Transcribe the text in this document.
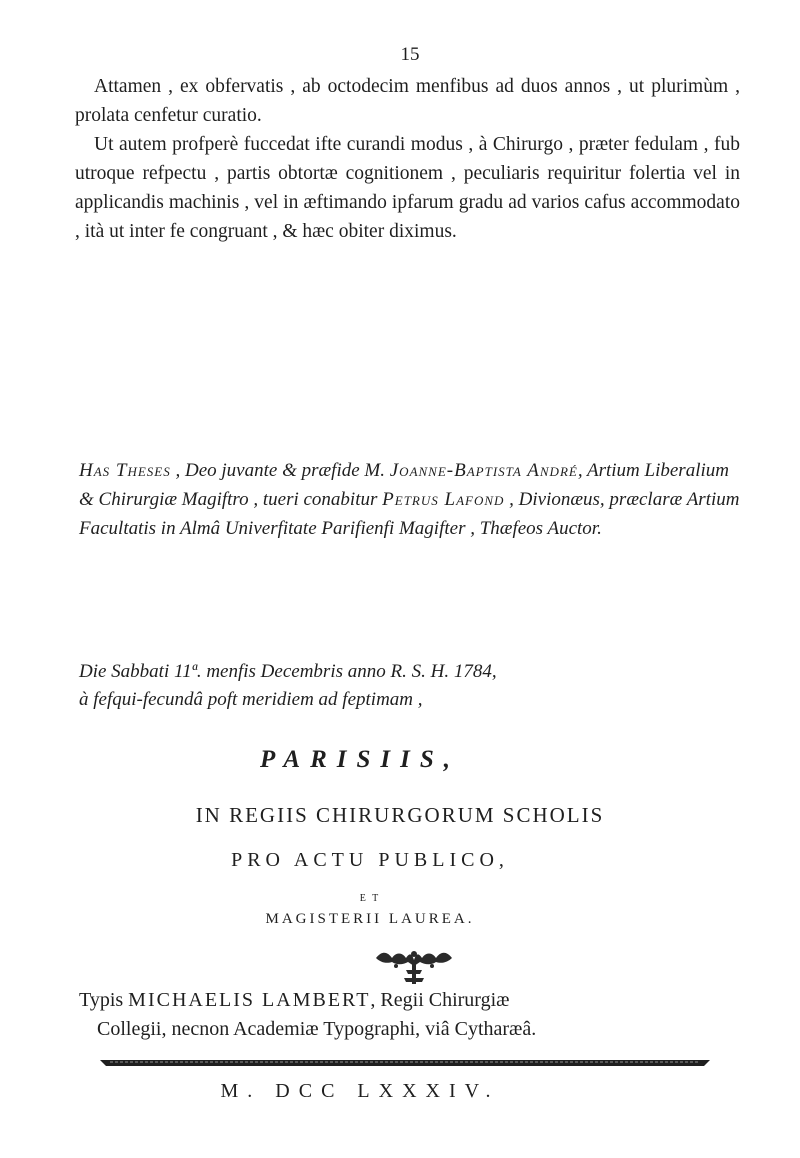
15

Attamen , ex obfervatis , ab octodecim menfibus ad duos annos , ut plurimùm , prolata cenfetur curatio.

Ut autem profperè fuccedat ifte curandi modus , à Chirurgo , præter fedulam , fub utroque refpectu , partis obtortæ cognitionem , peculiaris requiritur folertia vel in applicandis machinis , vel in æftimando ipfarum gradu ad varios cafus accommodato , ità ut inter fe congruant , & hæc obiter diximus.

Has Theses , Deo juvante & præfide M. Joanne-Baptista André, Artium Liberalium & Chirurgiæ Magiftro , tueri conabitur Petrus Lafond , Divionæus, præclaræ Artium Facultatis in Almâ Univerfitate Parifienfi Magifter , Thæfeos Auctor.

Die Sabbati 11ª. menfis Decembris anno R. S. H. 1784,

à fefqui-fecundâ poft meridiem ad feptimam ,

PARISIIS,
IN REGIIS CHIRURGORUM SCHOLIS
PRO ACTU PUBLICO,
E T
MAGISTERII LAUREA.

Typis MICHAELIS LAMBERT, Regii Chirurgiæ

Collegii, necnon Academiæ Typographi, viâ Cytharæâ.

M. DCC LXXXIV.
